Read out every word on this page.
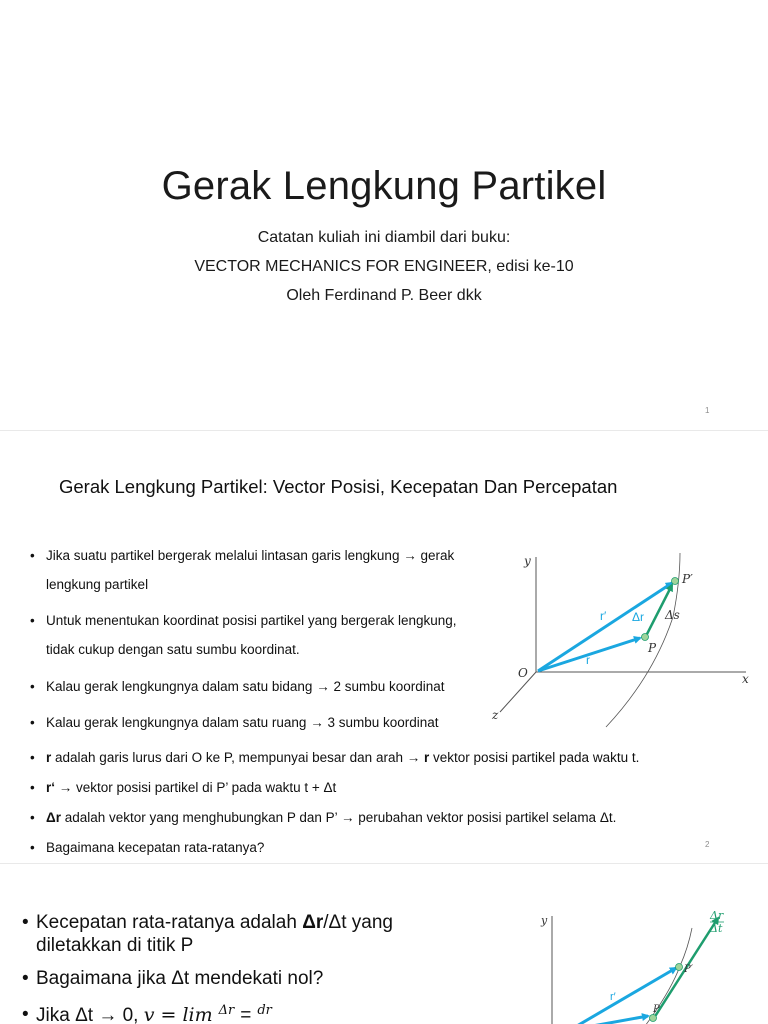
Gerak Lengkung Partikel
Catatan kuliah ini diambil dari buku:
VECTOR MECHANICS FOR ENGINEER, edisi ke-10
Oleh Ferdinand P. Beer dkk
1
Gerak Lengkung Partikel: Vector Posisi, Kecepatan Dan Percepatan
• Jika suatu partikel bergerak melalui lintasan garis lengkung → gerak
lengkung partikel
• Untuk menentukan koordinat posisi partikel yang bergerak lengkung,
tidak cukup dengan satu sumbu koordinat.
• Kalau gerak lengkungnya dalam satu bidang → 2 sumbu koordinat
• Kalau gerak lengkungnya dalam satu ruang → 3 sumbu koordinat
• r adalah garis lurus dari O ke P, mempunyai besar dan arah → r vektor posisi partikel pada waktu t.
• r‘ → vektor posisi partikel di P’ pada waktu t + Δt
• Δr adalah vektor yang menghubungkan P dan P’ → perubahan vektor posisi partikel selama Δt.
• Bagaimana kecepatan rata-ratanya?
y
x
z
O
P
P′
r
r′ Δr Δs
2
• Kecepatan rata-ratanya adalah Δr/Δt yang
diletakkan di titik P
• Bagaimana jika Δt mendekati nol?
• Jika Δt → 0, v = lim Δr = dr
y
P′
P
r′
Δr
Δt
